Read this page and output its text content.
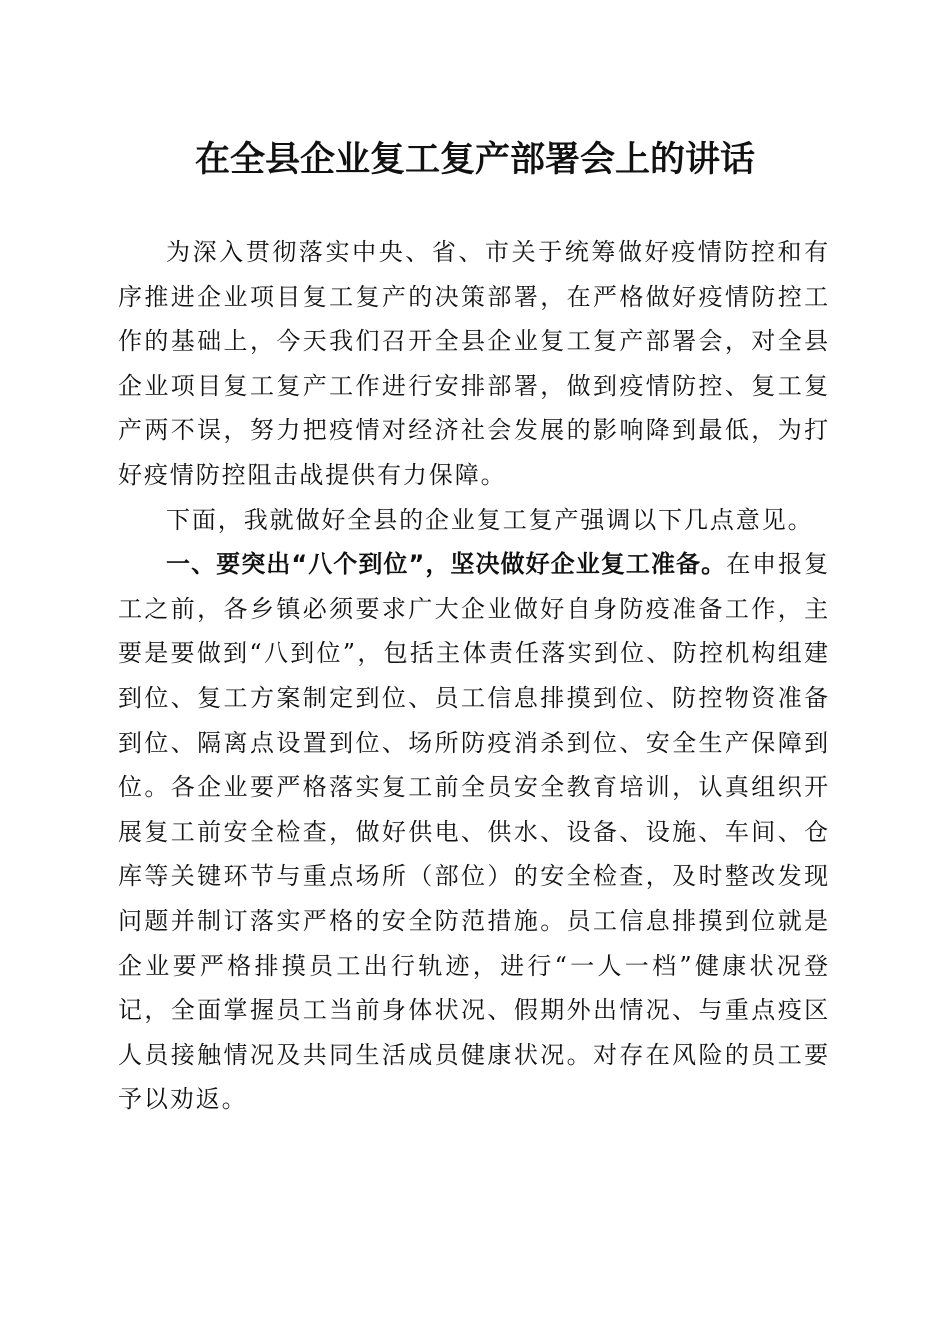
在全县企业复工复产部署会上的讲话

为深入贯彻落实中央、省、市关于统筹做好疫情防控和有序推进企业项目复工复产的决策部署，在严格做好疫情防控工作的基础上，今天我们召开全县企业复工复产部署会，对全县企业项目复工复产工作进行安排部署，做到疫情防控、复工复产两不误，努力把疫情对经济社会发展的影响降到最低，为打好疫情防控阻击战提供有力保障。

下面，我就做好全县的企业复工复产强调以下几点意见。

一、要突出“八个到位”，坚决做好企业复工准备。在申报复工之前，各乡镇必须要求广大企业做好自身防疫准备工作，主要是要做到“八到位”，包括主体责任落实到位、防控机构组建到位、复工方案制定到位、员工信息排摸到位、防控物资准备到位、隔离点设置到位、场所防疫消杀到位、安全生产保障到位。各企业要严格落实复工前全员安全教育培训，认真组织开展复工前安全检查，做好供电、供水、设备、设施、车间、仓库等关键环节与重点场所（部位）的安全检查，及时整改发现问题并制订落实严格的安全防范措施。员工信息排摸到位就是企业要严格排摸员工出行轨迹，进行“一人一档”健康状况登记，全面掌握员工当前身体状况、假期外出情况、与重点疫区人员接触情况及共同生活成员健康状况。对存在风险的员工要予以劝返。
